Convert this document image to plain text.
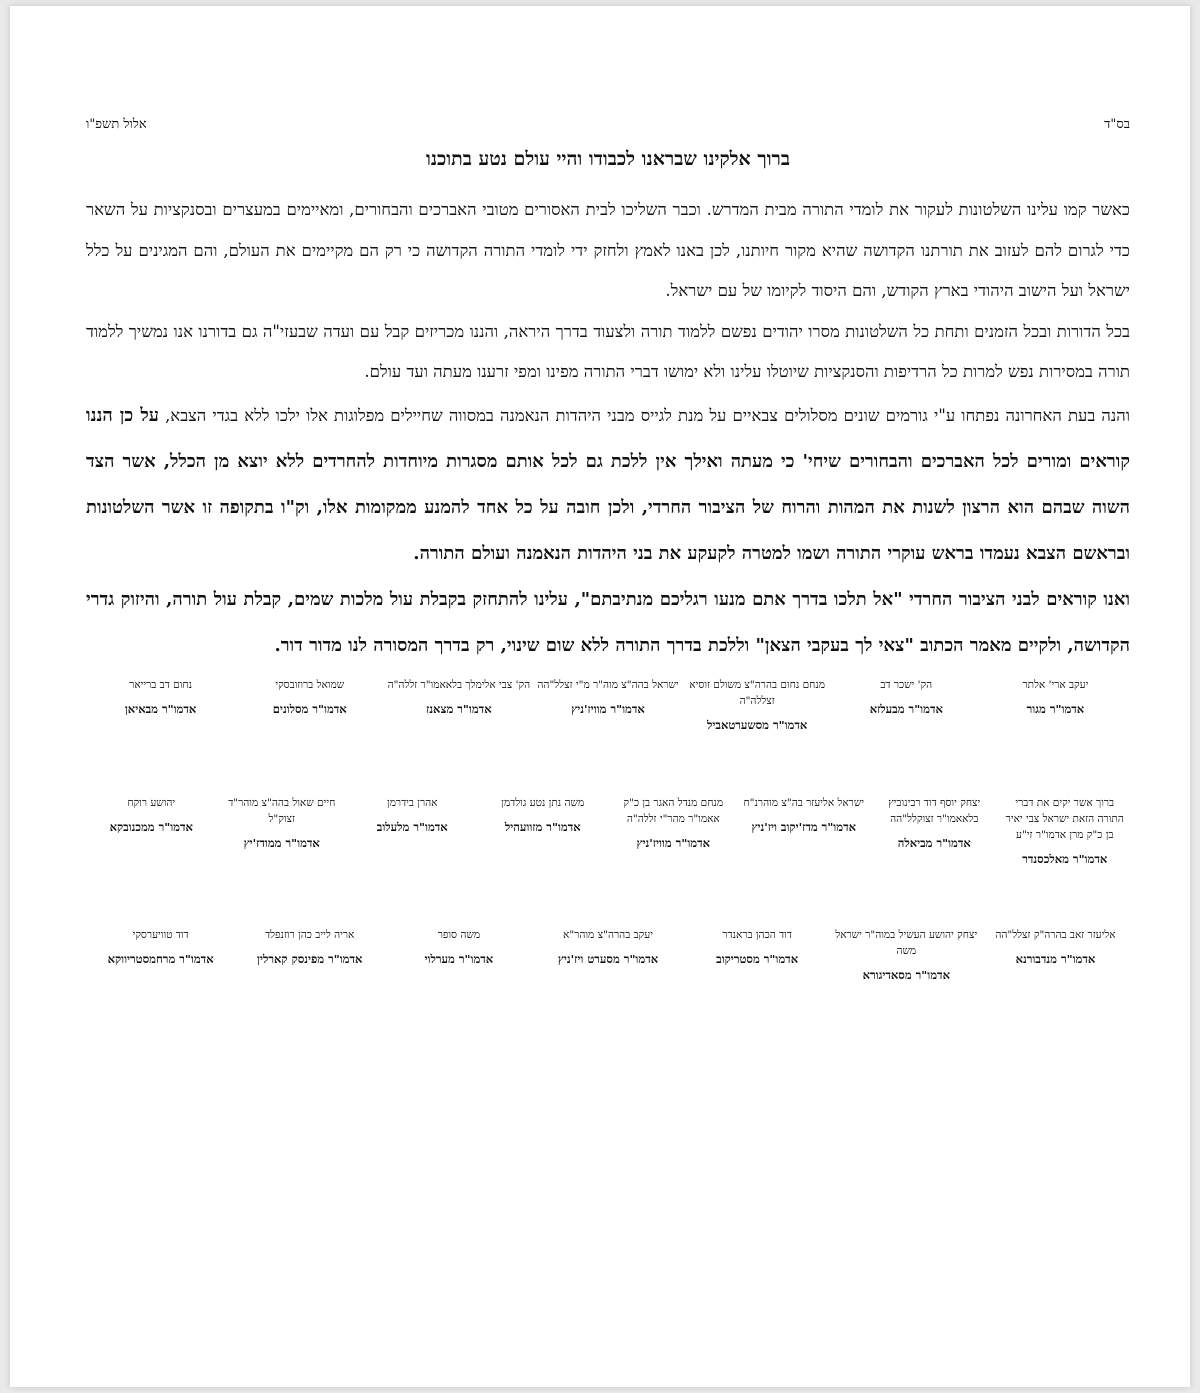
בס"ד
אלול תשפ"ו
ברוך אלקינו שבראנו לכבודו והיי עולם נטע בתוכנו

כאשר קמו עלינו השלטונות לעקור את לומדי התורה מבית המדרש. וכבר השליכו לבית האסורים מטובי האברכים והבחורים, ומאיימים במעצרים ובסנקציות על השאר כדי לגרום להם לעזוב את תורתנו הקדושה שהיא מקור חיותנו, לכן באנו לאמץ ולחזק ידי לומדי התורה הקדושה כי רק הם מקיימים את העולם, והם המגינים על כלל ישראל ועל הישוב היהודי בארץ הקודש, והם היסוד לקיומו של עם ישראל.

בכל הדורות ובכל הזמנים ותחת כל השלטונות מסרו יהודים נפשם ללמוד תורה ולצעוד בדרך היראה, והננו מכריזים קבל עם ועדה שבעזי"ה גם בדורנו אנו נמשיך ללמוד תורה במסירות נפש למרות כל הרדיפות והסנקציות שיוטלו עלינו ולא ימושו דברי התורה מפינו ומפי זרענו מעתה ועד עולם.

והנה בעת האחרונה נפתחו ע"י גורמים שונים מסלולים צבאיים על מנת לגייס מבני היהדות הנאמנה במסווה שחיילים מפלוגות אלו ילכו ללא בגדי הצבא, על כן הננו קוראים ומורים לכל האברכים והבחורים שיחי' כי מעתה ואילך אין ללכת גם לכל אותם מסגרות מיוחדות להחרדים ללא יוצא מן הכלל, אשר הצד השוה שבהם הוא הרצון לשנות את המהות והרוח של הציבור החרדי, ולכן חובה על כל אחד להמנע ממקומות אלו, וק"ו בתקופה זו אשר השלטונות ובראשם הצבא נעמדו בראש עוקרי התורה ושמו למטרה לקעקע את בני היהדות הנאמנה ועולם התורה.

ואנו קוראים לבני הציבור החרדי "אל תלכו בדרך אתם מנעו רגליכם מנתיבתם", עלינו להתחזק בקבלת עול מלכות שמים, קבלת עול תורה, והיזוק גדרי הקדושה, ולקיים מאמר הכתוב "צאי לך בעקבי הצאן" וללכת בדרך התורה ללא שום שינוי, רק בדרך המסורה לנו מדור דור.

יעקב ארי' אלתר
אדמו"ר מגור
הק' ישכר דב
אדמו"ר מבעלזא
מנחם נחום בהרה"צ משולם זוסיא זצללה"ה
אדמו"ר מסשערטאביל
ישראל בהה"צ מוה"ר מ"י זצלל"הה
אדמו"ר מוויז'ניץ
הק' צבי אלימלך בלאאמו"ר זללה"ה
אדמו"ר מצאנז
שמואל ברוזובסקי
אדמו"ר מסלונים
נחום דב ברייאר
אדמו"ר מבאיאן
ברוך אשר יקים את דברי התורה הזאת ישראל צבי יאיר בן כ"ק מרן אדמו"ר זי"ע
אדמו"ר מאלכסנדר
יצחק יוסף דוד רבינוביץ בלאאמו"ר זצוקלל"הה
אדמו"ר מביאלה
ישראל אליעזר בה"צ מוהרנ"ח
אדמו"ר מדז'יקוב ויז'ניץ
מנחם מנדל האגר בן כ"ק אאמו"ר מהר"י זללה"ה
אדמו"ר מוויז'ניץ
משה נתן נטע גולדמן
אדמו"ר מזוועהיל
אהרן בידרמן
אדמו"ר מלעלוב
חיים שאול בהה"צ מוהר"ד זצוק"ל
אדמו"ר ממודז'יץ
יהושע רוקח
אדמו"ר ממכנובקא
אליעזר זאב בהרה"ק זצלל"הה
אדמו"ר מנדבורנא
יצחק יהושע העשיל במוה"ר ישראל משה
אדמו"ר מסאדיגורא
דוד הכהן בראנדר
אדמו"ר מסטריקוב
יעקב בהרה"צ מוהר"א
אדמו"ר מסערט ויז'ניץ
משה סופר
אדמו"ר מערלוי
אריה לייב כהן רוזנפלד
אדמו"ר מפינסק קארלין
דוד טוויערסקי
אדמו"ר מרחמסטריווקא
